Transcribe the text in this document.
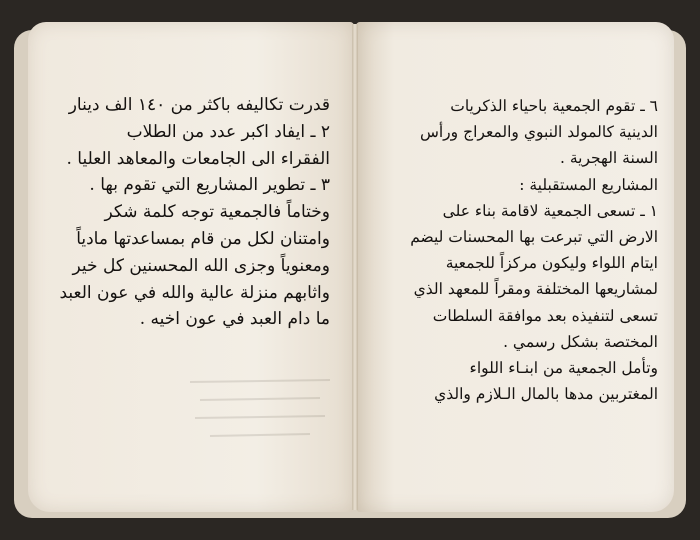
قدرت تكاليفه باكثر من ١٤٠ الف دينار
٢ ـ ايفاد اكبر عدد من الطلاب
الفقراء الى الجامعات والمعاهد العليا .
٣ ـ تطوير المشاريع التي تقوم بها .
وختاماً فالجمعية توجه كلمة شكر
وامتنان لكل من قام بمساعدتها مادياً
ومعنوياً وجزى الله المحسنين كل خير
واثابهم منزلة عالية والله في عون العبد
ما دام العبد في عون اخيه .
٦ ـ تقوم الجمعية باحياء الذكريات
الدينية كالمولد النبوي والمعراج ورأس
السنة الهجرية .
المشاريع المستقبلية :
١ ـ تسعى الجمعية لاقامة بناء على
الارض التي تبرعت بها المحسنات ليضم
ايتام اللواء وليكون مركزاً للجمعية
لمشاريعها المختلفة ومقراً للمعهد الذي
تسعى لتنفيذه بعد موافقة السلطات
المختصة بشكل رسمي .
وتأمل الجمعية من ابنـاء اللواء
المغتربين مدها بالمال الـلازم والذي
